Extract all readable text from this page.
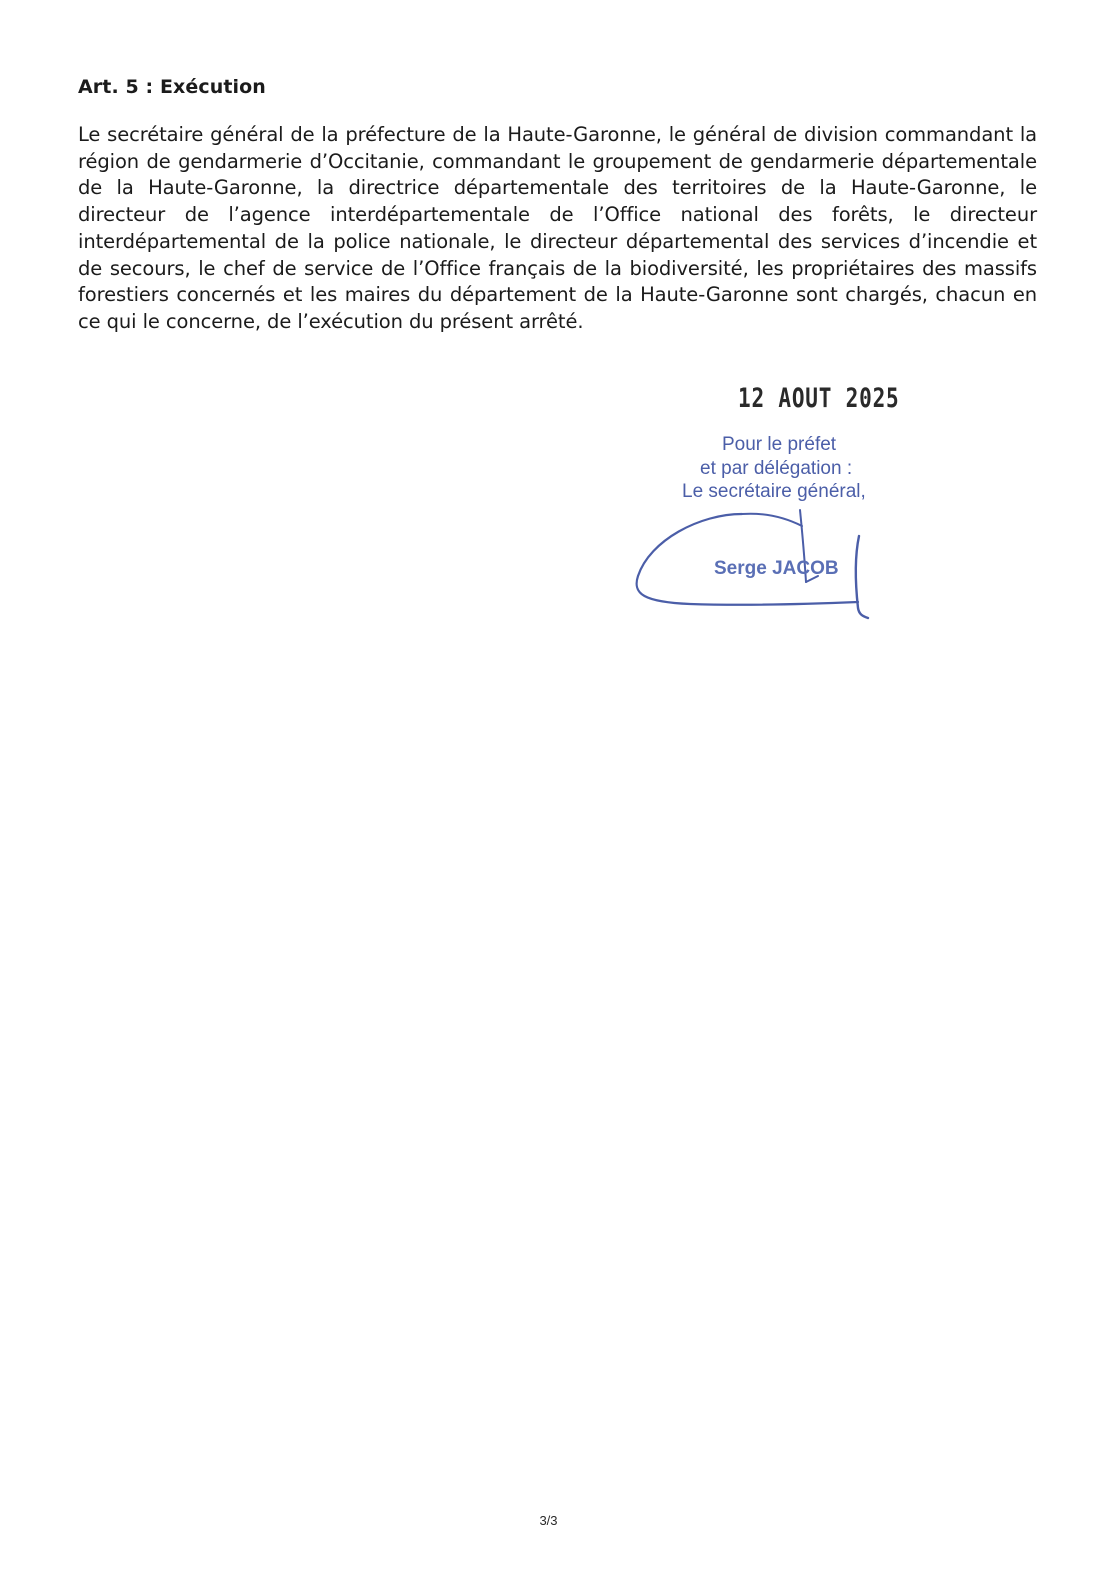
Art. 5 : Exécution

Le secrétaire général de la préfecture de la Haute-Garonne, le général de division commandant la région de gendarmerie d’Occitanie, commandant le groupement de gendarmerie départementale de la Haute-Garonne, la directrice départementale des territoires de la Haute-Garonne, le directeur de l’agence interdépartementale de l’Office national des forêts, le directeur interdépartemental de la police nationale, le directeur départemental des services d’incendie et de secours, le chef de service de l’Office français de la biodiversité, les propriétaires des massifs forestiers concernés et les maires du département de la Haute-Garonne sont chargés, chacun en ce qui le concerne, de l’exécution du présent arrêté.

12 AOUT 2025
Pour le préfet
et par délégation :
Le secrétaire général,
Serge JACOB
3/3
